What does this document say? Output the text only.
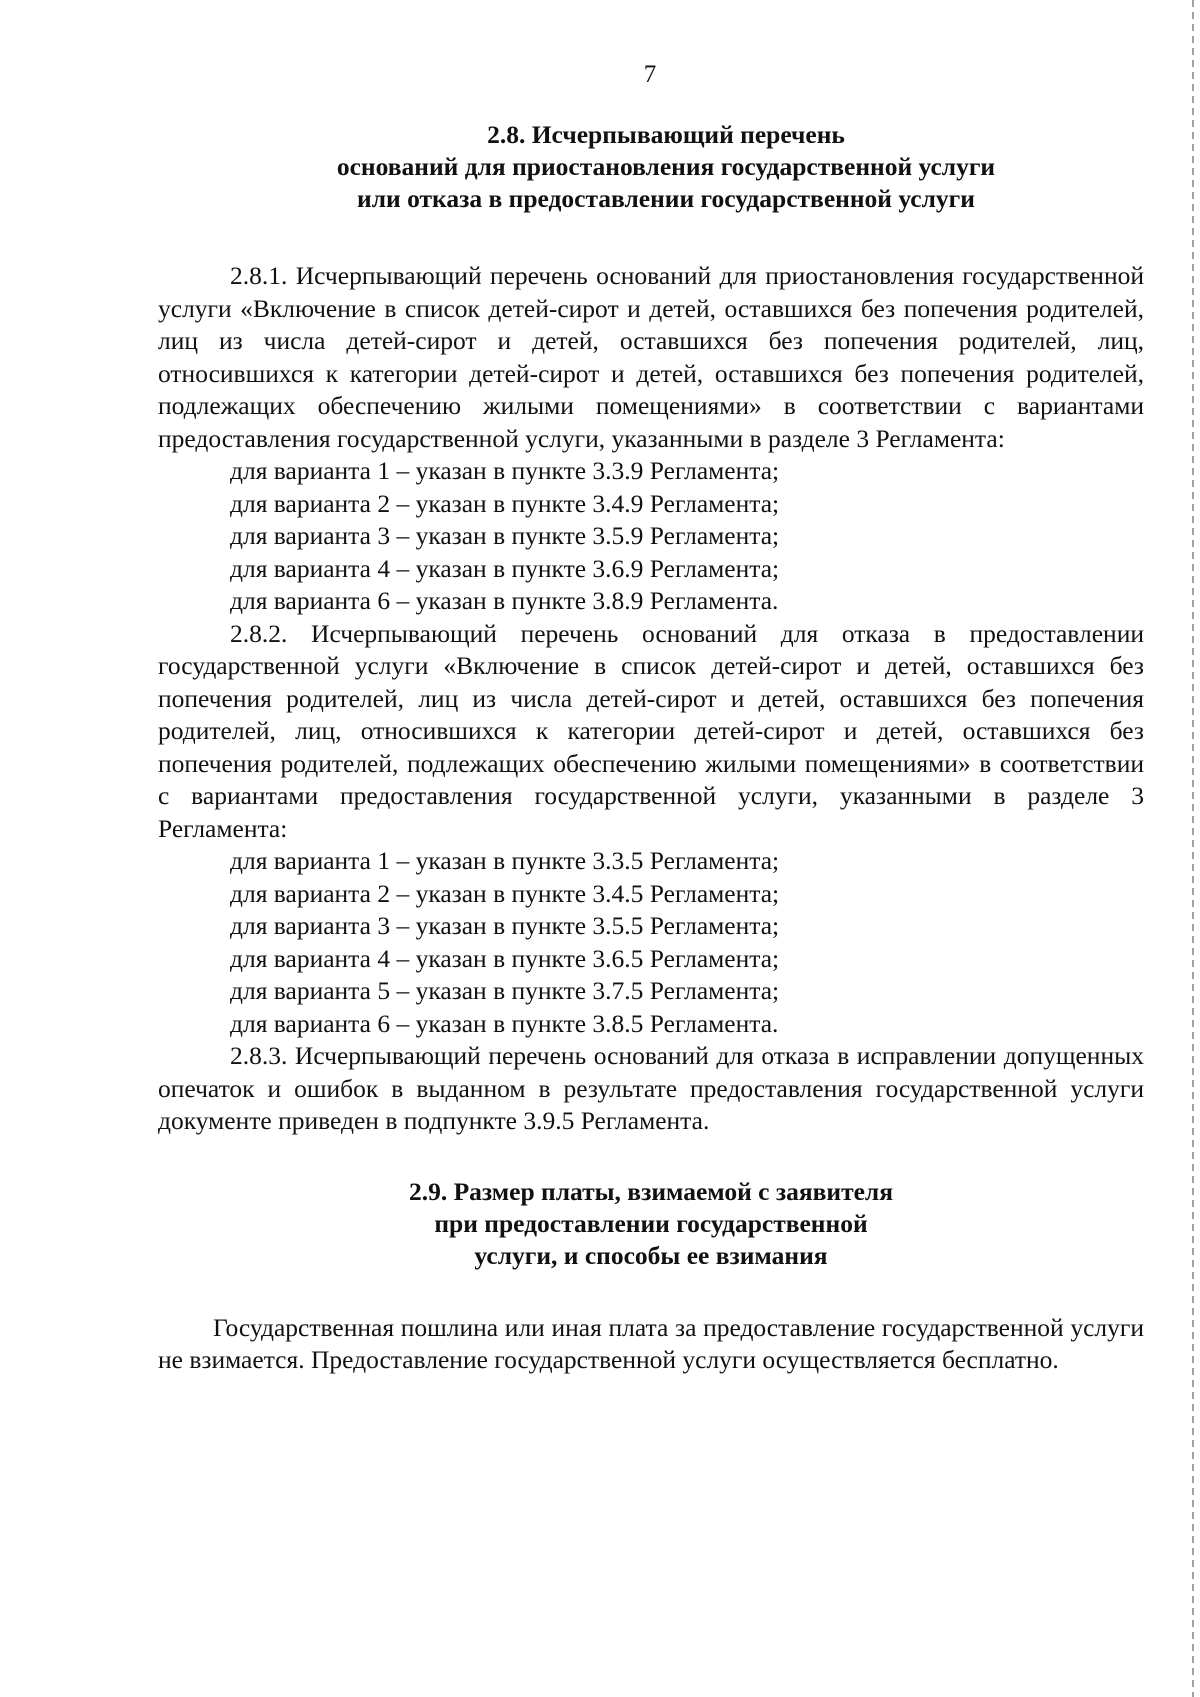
7
2.8. Исчерпывающий перечень
оснований для приостановления государственной услуги
или отказа в предоставлении государственной услуги

2.8.1. Исчерпывающий перечень оснований для приостановления государственной услуги «Включение в список детей-сирот и детей, оставшихся без попечения родителей, лиц из числа детей-сирот и детей, оставшихся без попечения родителей, лиц, относившихся к категории детей-сирот и детей, оставшихся без попечения родителей, подлежащих обеспечению жилыми помещениями» в соответствии с вариантами предоставления государственной услуги, указанными в разделе 3 Регламента:

для варианта 1 – указан в пункте 3.3.9 Регламента;
для варианта 2 – указан в пункте 3.4.9 Регламента;
для варианта 3 – указан в пункте 3.5.9 Регламента;
для варианта 4 – указан в пункте 3.6.9 Регламента;
для варианта 6 – указан в пункте 3.8.9 Регламента.

2.8.2. Исчерпывающий перечень оснований для отказа в предоставлении государственной услуги «Включение в список детей-сирот и детей, оставшихся без попечения родителей, лиц из числа детей-сирот и детей, оставшихся без попечения родителей, лиц, относившихся к категории детей-сирот и детей, оставшихся без попечения родителей, подлежащих обеспечению жилыми помещениями» в соответствии с вариантами предоставления государственной услуги, указанными в разделе 3 Регламента:

для варианта 1 – указан в пункте 3.3.5 Регламента;
для варианта 2 – указан в пункте 3.4.5 Регламента;
для варианта 3 – указан в пункте 3.5.5 Регламента;
для варианта 4 – указан в пункте 3.6.5 Регламента;
для варианта 5 – указан в пункте 3.7.5 Регламента;
для варианта 6 – указан в пункте 3.8.5 Регламента.

2.8.3. Исчерпывающий перечень оснований для отказа в исправлении допущенных опечаток и ошибок в выданном в результате предоставления государственной услуги документе приведен в подпункте 3.9.5 Регламента.

2.9. Размер платы, взимаемой с заявителя
при предоставлении государственной
услуги, и способы ее взимания

Государственная пошлина или иная плата за предоставление государственной услуги не взимается. Предоставление государственной услуги осуществляется бесплатно.
